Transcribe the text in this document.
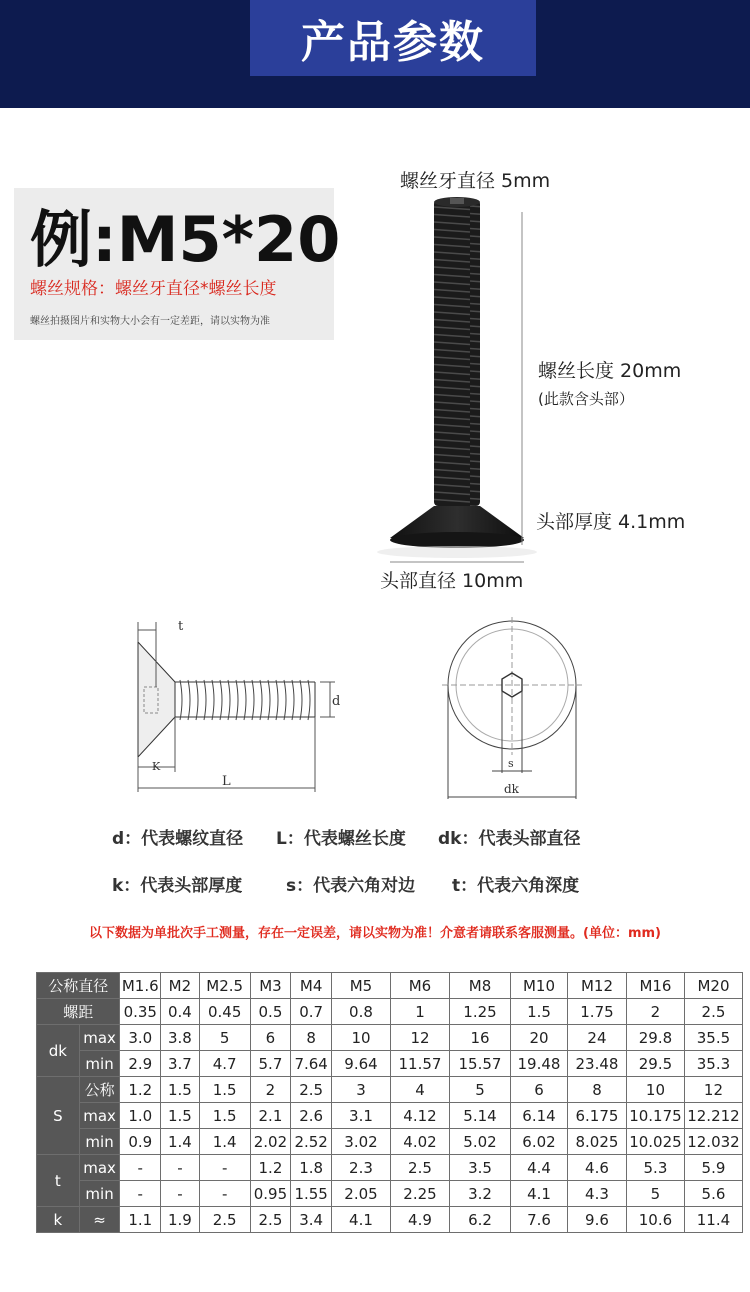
产品参数
例:M5*20
螺丝规格：螺丝牙直径*螺丝长度
螺丝拍摄图片和实物大小会有一定差距，请以实物为准
螺丝牙直径 5mm
螺丝长度 20mm
(此款含头部）
头部厚度 4.1mm
头部直径 10mm
t
d
K
L
s
dk
d：代表螺纹直径 L：代表螺丝长度 dk：代表头部直径
k：代表头部厚度	s：代表六角对边 t：代表六角深度
以下数据为单批次手工测量，存在一定误差，请以实物为准！介意者请联系客服测量。(单位：mm)
公称直径		M1.6	M2	M2.5	M3	M4	M5	M6	M8	M10	M12	M16	M20
螺距		0.35	0.4	0.45	0.5	0.7	0.8	1	1.25	1.5	1.75	2	2.5
dk	max	3.0	3.8	5	6	8	10	12	16	20	24	29.8	35.5
	min	2.9	3.7	4.7	5.7	7.64	9.64	11.57	15.57	19.48	23.48	29.5	35.3
S	公称	1.2	1.5	1.5	2	2.5	3	4	5	6	8	10	12
	max	1.0	1.5	1.5	2.1	2.6	3.1	4.12	5.14	6.14	6.175	10.175	12.212
	min	0.9	1.4	1.4	2.02	2.52	3.02	4.02	5.02	6.02	8.025	10.025	12.032
t	max	-	-	-	1.2	1.8	2.3	2.5	3.5	4.4	4.6	5.3	5.9
	min	-	-	-	0.95	1.55	2.05	2.25	3.2	4.1	4.3	5	5.6
k	≈	1.1	1.9	2.5	2.5	3.4	4.1	4.9	6.2	7.6	9.6	10.6	11.4
